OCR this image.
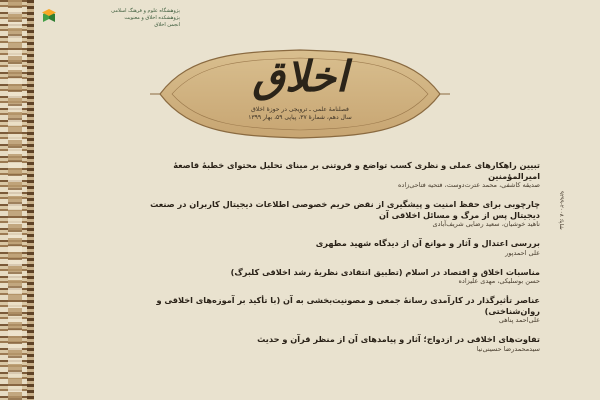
پژوهشگاه علوم و فرهنگ اسلامی
پژوهشکده اخلاق و معنویت
انجمن اخلاق
اخلاق
فصلنامهٔ علمی ـ ترویجی در حوزهٔ اخلاق
سال دهم، شمارهٔ ۳۷، پیاپی ۵۹، بهار ۱۳۹۹
شاپا: ۲۰۰۸-۹۲۹۹
تبیین راهکارهای عملی و نظری کسب تواضع و فروتنی بر مبنای تحلیل محتوای خطبهٔ قاصعهٔ امیرالمؤمنین
صدیقه کاشفی، محمد عترت‌دوست، فتحیه فتاحی‌زاده
چارچوبی برای حفظ امنیت و پیشگیری از نقض حریم خصوصی اطلاعات دیجیتال کاربران در صنعت دیجیتال پس از مرگ و مسائل اخلاقی آن
ناهید خوشیان، سعید رضایی شریف‌آبادی
بررسی اعتدال و آثار و موانع آن از دیدگاه شهید مطهری
علی احمدپور
مناسبات اخلاق و اقتصاد در اسلام (تطبیق انتقادی نظریهٔ رشد اخلاقی کلبرگ)
حسن بوسلیکی، مهدی علیزاده
عناصر تأثیرگذار در کارآمدی رسانهٔ جمعی و مصونیت‌بخشی به آن (با تأکید بر آموزه‌های اخلاقی و روان‌شناختی)
علی‌احمد پناهی
تفاوت‌های اخلاقی در ازدواج؛ آثار و پیامدهای آن از منظر قرآن و حدیث
سیدمحمدرضا حسینی‌نیا
